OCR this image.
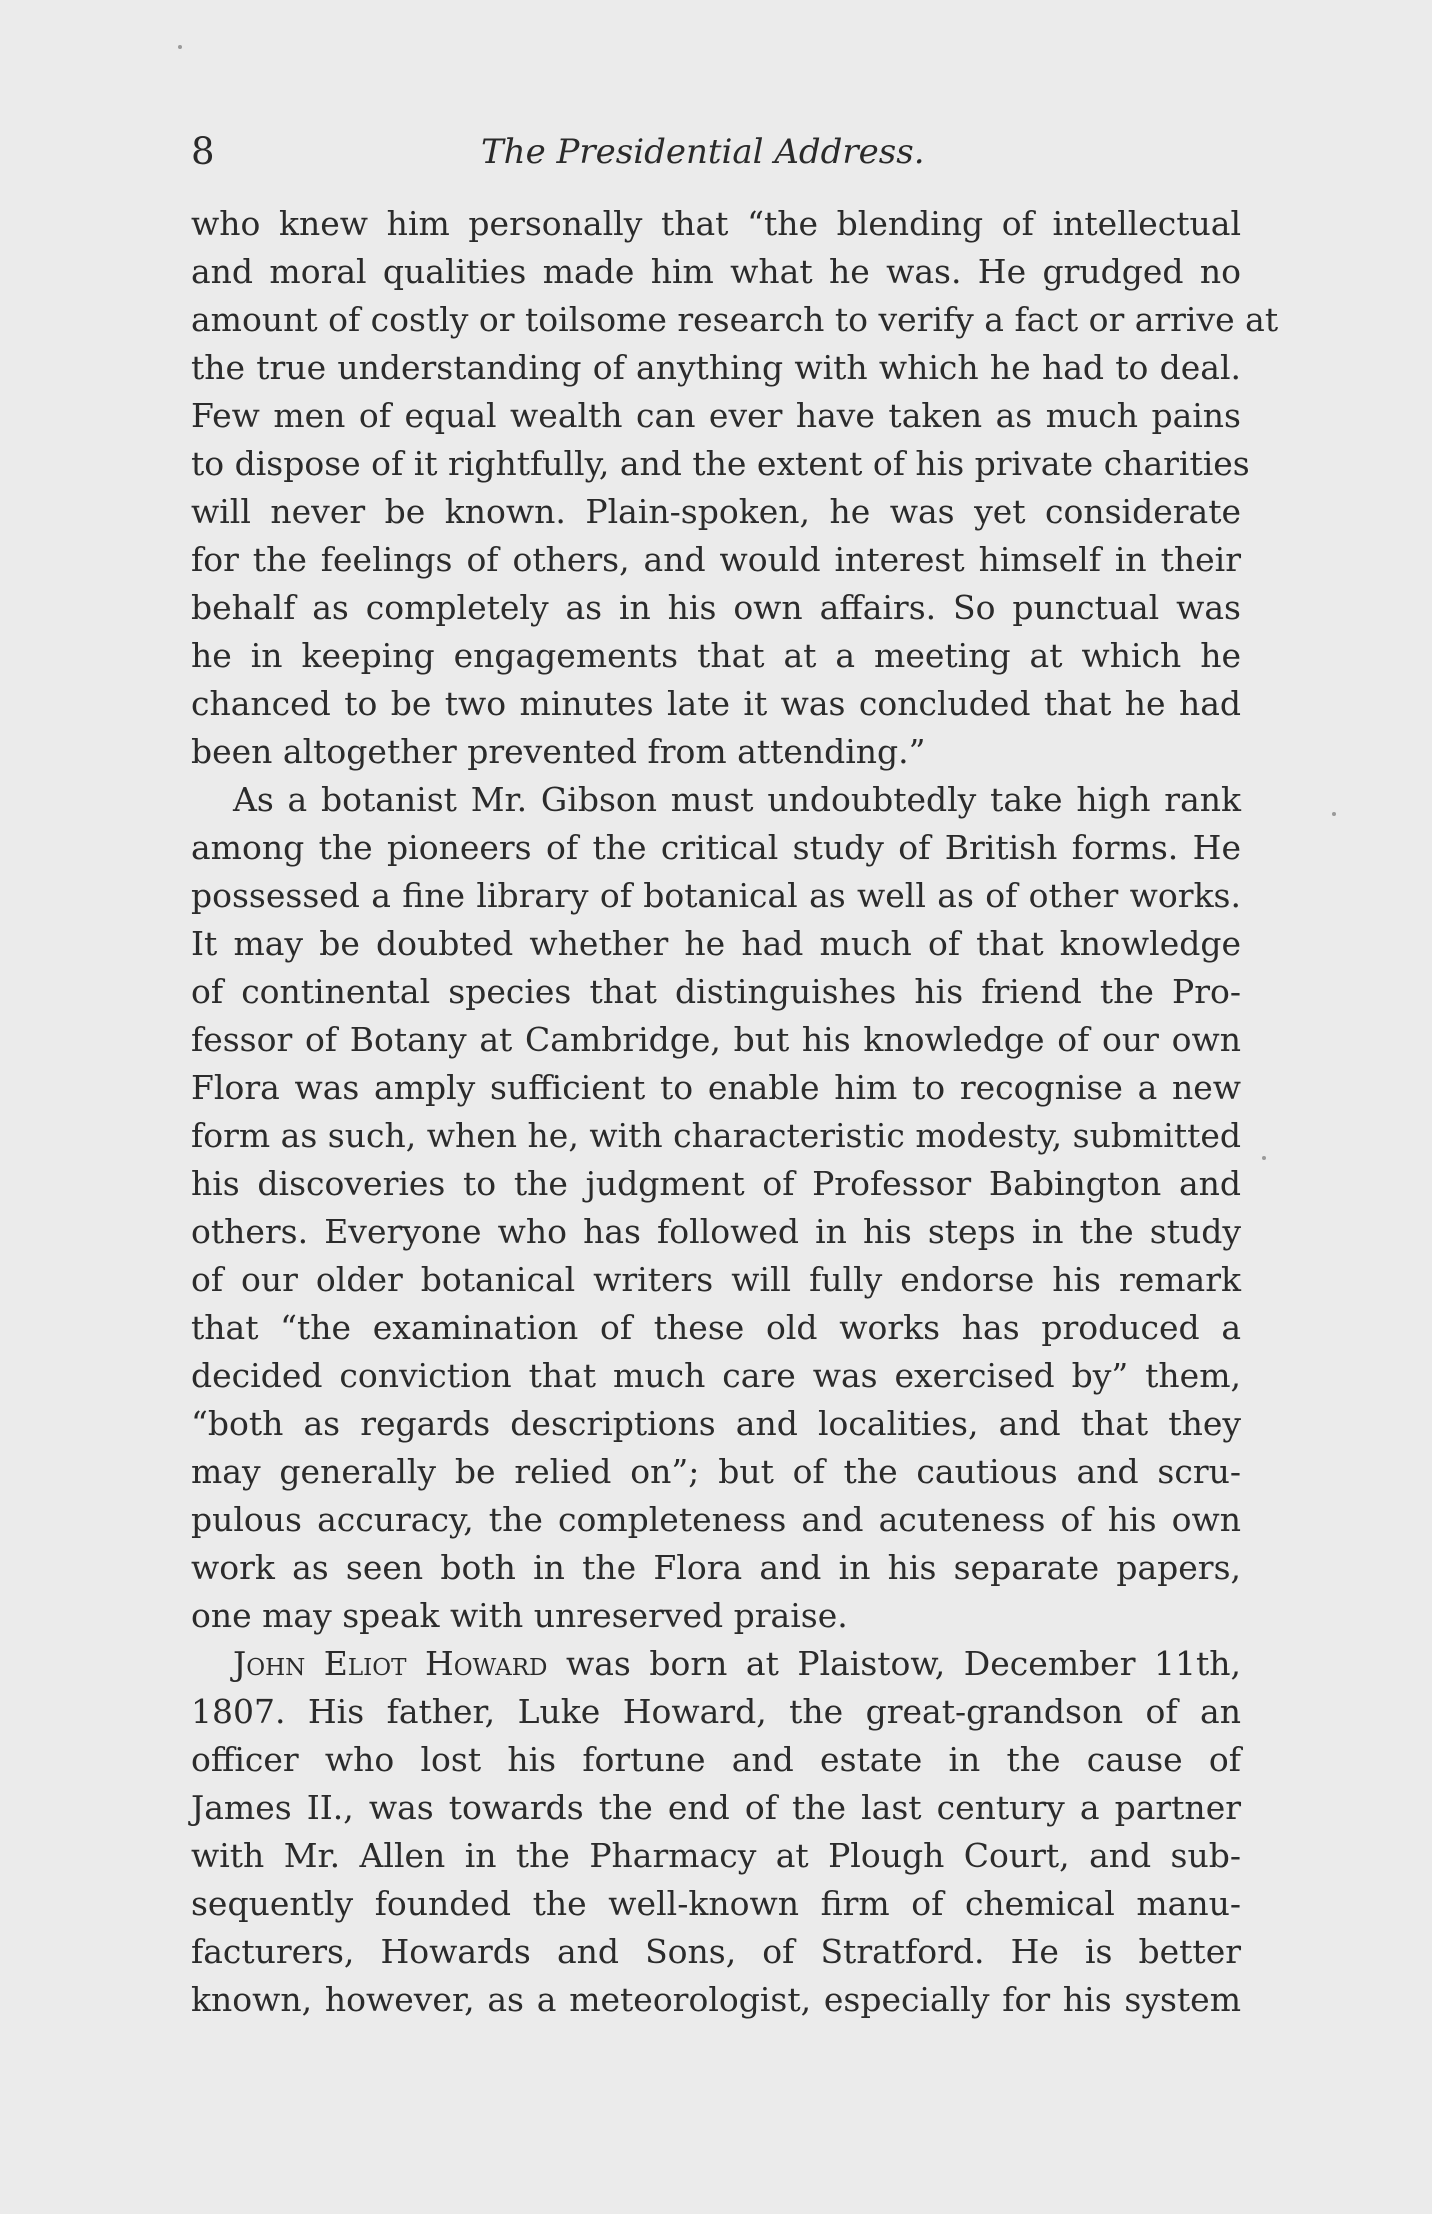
8	The Presidential Address.
who knew him personally that “the blending of intellectual
and moral qualities made him what he was. He grudged no
amount of costly or toilsome research to verify a fact or arrive at
the true understanding of anything with which he had to deal.
Few men of equal wealth can ever have taken as much pains
to dispose of it rightfully, and the extent of his private charities
will never be known. Plain-spoken, he was yet considerate
for the feelings of others, and would interest himself in their
behalf as completely as in his own affairs. So punctual was
he in keeping engagements that at a meeting at which he
chanced to be two minutes late it was concluded that he had
been altogether prevented from attending.”
As a botanist Mr. Gibson must undoubtedly take high rank
among the pioneers of the critical study of British forms. He
possessed a fine library of botanical as well as of other works.
It may be doubted whether he had much of that knowledge
of continental species that distinguishes his friend the Pro-
fessor of Botany at Cambridge, but his knowledge of our own
Flora was amply sufficient to enable him to recognise a new
form as such, when he, with characteristic modesty, submitted
his discoveries to the judgment of Professor Babington and
others. Everyone who has followed in his steps in the study
of our older botanical writers will fully endorse his remark
that “the examination of these old works has produced a
decided conviction that much care was exercised by” them,
“both as regards descriptions and localities, and that they
may generally be relied on”; but of the cautious and scru-
pulous accuracy, the completeness and acuteness of his own
work as seen both in the Flora and in his separate papers,
one may speak with unreserved praise.
John Eliot Howard was born at Plaistow, December 11th,
1807. His father, Luke Howard, the great-grandson of an
officer who lost his fortune and estate in the cause of
James II., was towards the end of the last century a partner
with Mr. Allen in the Pharmacy at Plough Court, and sub-
sequently founded the well-known firm of chemical manu-
facturers, Howards and Sons, of Stratford. He is better
known, however, as a meteorologist, especially for his system
